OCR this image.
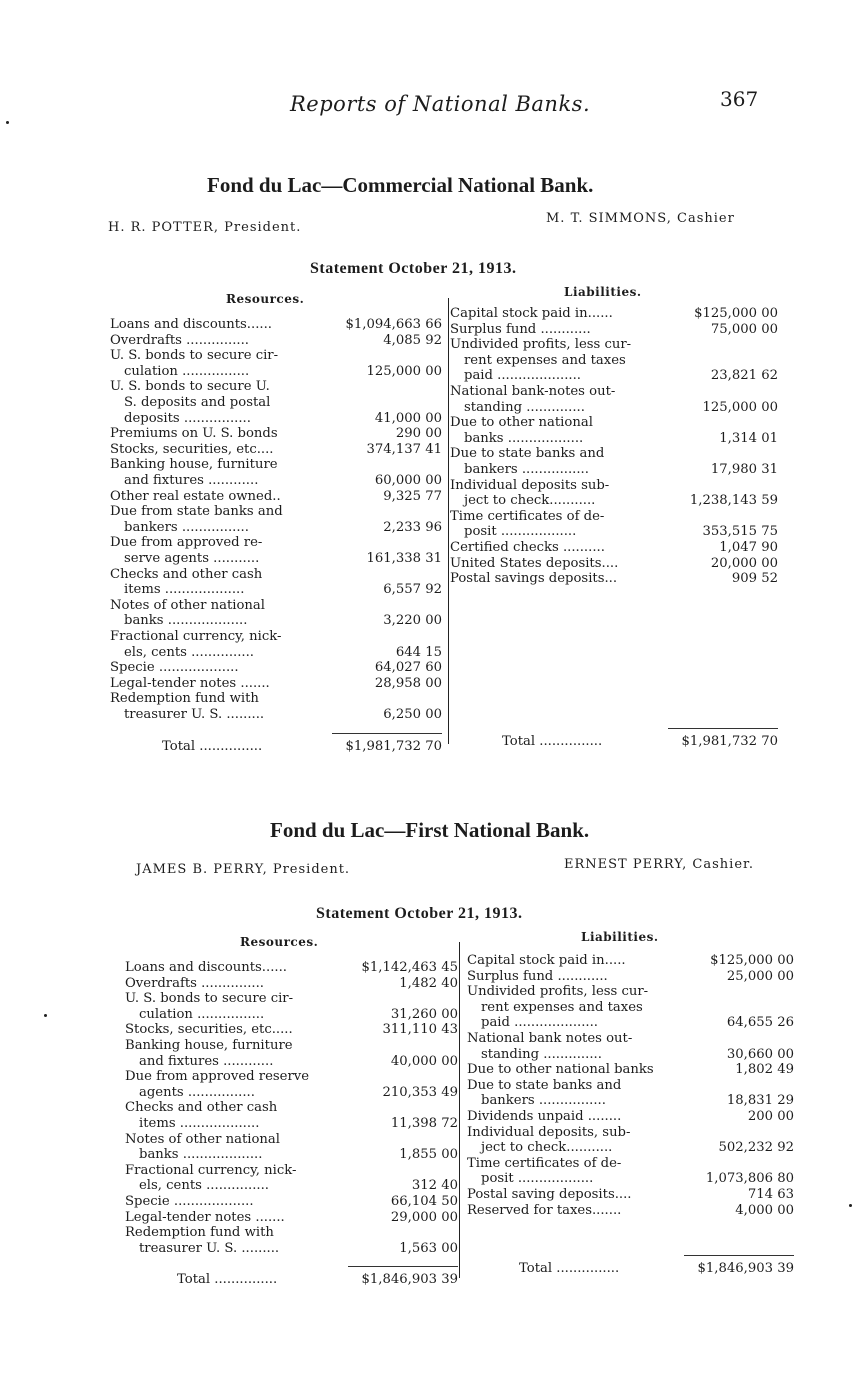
Reports of National Banks.	367
Fond du Lac—Commercial National Bank.
H. R. POTTER, President.
M. T. SIMMONS, Cashier
Statement October 21, 1913.
Resources.	Liabilities.
Loans and discounts......	$1,094,663 66
Overdrafts ...............	4,085 92
U. S. bonds to secure cir-
culation ................	125,000 00
U. S. bonds to secure U.
S. deposits and postal
deposits ................	41,000 00
Premiums on U. S. bonds	290 00
Stocks, securities, etc....	374,137 41
Banking house, furniture
and fixtures ............	60,000 00
Other real estate owned..	9,325 77
Due from state banks and
bankers ................	2,233 96
Due from approved re-
serve agents ...........	161,338 31
Checks and other cash
items ...................	6,557 92
Notes of other national
banks ...................	3,220 00
Fractional currency, nick-
els, cents ...............	644 15
Specie ...................	64,027 60
Legal-tender notes .......	28,958 00
Redemption fund with
treasurer U. S. .........	6,250 00
Total ...............	$1,981,732 70
Capital stock paid in......	$125,000 00
Surplus fund ............	75,000 00
Undivided profits, less cur-
rent expenses and taxes
paid ....................	23,821 62
National bank-notes out-
standing ..............	125,000 00
Due to other national
banks ..................	1,314 01
Due to state banks and
bankers ................	17,980 31
Individual deposits sub-
ject to check...........	1,238,143 59
Time certificates of de-
posit ..................	353,515 75
Certified checks ..........	1,047 90
United States deposits....	20,000 00
Postal savings deposits...	909 52
Total ...............	$1,981,732 70
Fond du Lac—First National Bank.
JAMES B. PERRY, President.	ERNEST PERRY, Cashier.
Statement October 21, 1913.
Resources.	Liabilities.
Loans and discounts......	$1,142,463 45
Overdrafts ...............	1,482 40
U. S. bonds to secure cir-
culation ................	31,260 00
Stocks, securities, etc.....	311,110 43
Banking house, furniture
and fixtures ............	40,000 00
Due from approved reserve
agents ................	210,353 49
Checks and other cash
items ...................	11,398 72
Notes of other national
banks ...................	1,855 00
Fractional currency, nick-
els, cents ...............	312 40
Specie ...................	66,104 50
Legal-tender notes .......	29,000 00
Redemption fund with
treasurer U. S. .........	1,563 00
Total ...............	$1,846,903 39
Capital stock paid in.....	$125,000 00
Surplus fund ............	25,000 00
Undivided profits, less cur-
rent expenses and taxes
paid ....................	64,655 26
National bank notes out-
standing ..............	30,660 00
Due to other national banks	1,802 49
Due to state banks and
bankers ................	18,831 29
Dividends unpaid ........	200 00
Individual deposits, sub-
ject to check...........	502,232 92
Time certificates of de-
posit ..................	1,073,806 80
Postal saving deposits....	714 63
Reserved for taxes.......	4,000 00
Total ...............	$1,846,903 39
